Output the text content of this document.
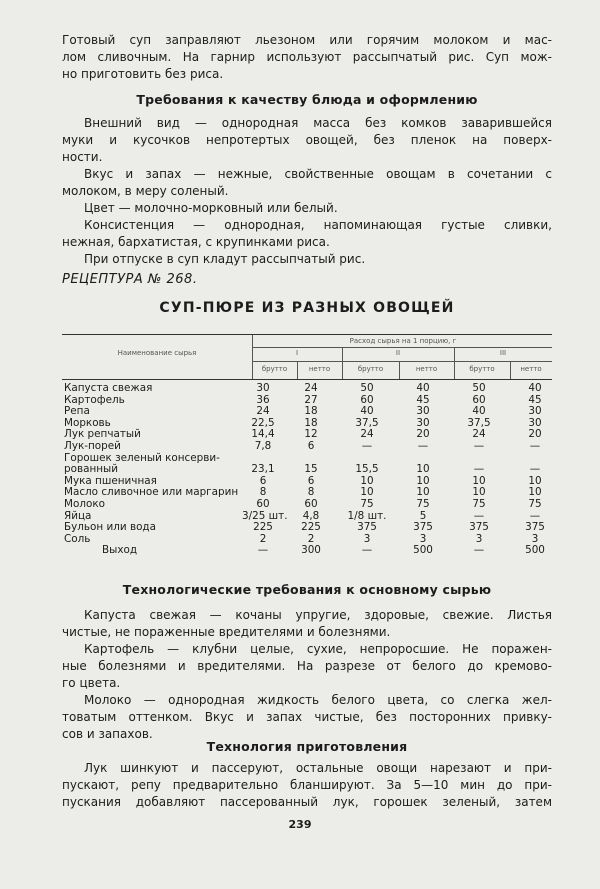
Готовый суп заправляют льезоном или горячим молоком и мас-
лом сливочным. На гарнир используют рассыпчатый рис. Суп мож-
но приготовить без риса.
Требования к качеству блюда и оформлению
Внешний вид — однородная масса без комков заварившейся
муки и кусочков непротертых овощей, без пленок на поверх-
ности.
Вкус и запах — нежные, свойственные овощам в сочетании с
молоком, в меру соленый.
Цвет — молочно-морковный или белый.
Консистенция — однородная, напоминающая густые сливки,
нежная, бархатистая, с крупинками риса.
При отпуске в суп кладут рассыпчатый рис.
РЕЦЕПТУРА № 268.
СУП-ПЮРЕ ИЗ РАЗНЫХ ОВОЩЕЙ
Наименование сырья
Расход сырья на 1 порцию, г
I	II	III
брутто	нетто	брутто	нетто	брутто	нетто
Капуста свежая	30	24	50	40	50	40
Картофель	36	27	60	45	60	45
Репа	24	18	40	30	40	30
Морковь	22,5	18	37,5	30	37,5	30
Лук репчатый	14,4	12	24	20	24	20
Лук-порей	7,8	6	—	—	—	—
Горошек зеленый консерви-
рованный	23,1	15	15,5	10	—	—
Мука пшеничная	6	6	10	10	10	10
Масло сливочное или маргарин	8	8	10	10	10	10
Молоко	60	60	75	75	75	75
Яйца	3/25 шт.	4,8	1/8 шт.	5	—	—
Бульон или вода	225	225	375	375	375	375
Соль	2	2	3	3	3	3
Выход	—	300	—	500	—	500
Технологические требования к основному сырью
Капуста свежая — кочаны упругие, здоровые, свежие. Листья
чистые, не пораженные вредителями и болезнями.
Картофель — клубни целые, сухие, непроросшие. Не поражен-
ные болезнями и вредителями. На разрезе от белого до кремово-
го цвета.
Молоко — однородная жидкость белого цвета, со слегка жел-
товатым оттенком. Вкус и запах чистые, без посторонних привку-
сов и запахов.
Технология приготовления
Лук шинкуют и пассеруют, остальные овощи нарезают и при-
пускают, репу предварительно бланшируют. За 5—10 мин до при-
пускания добавляют пассерованный лук, горошек зеленый, затем
239
